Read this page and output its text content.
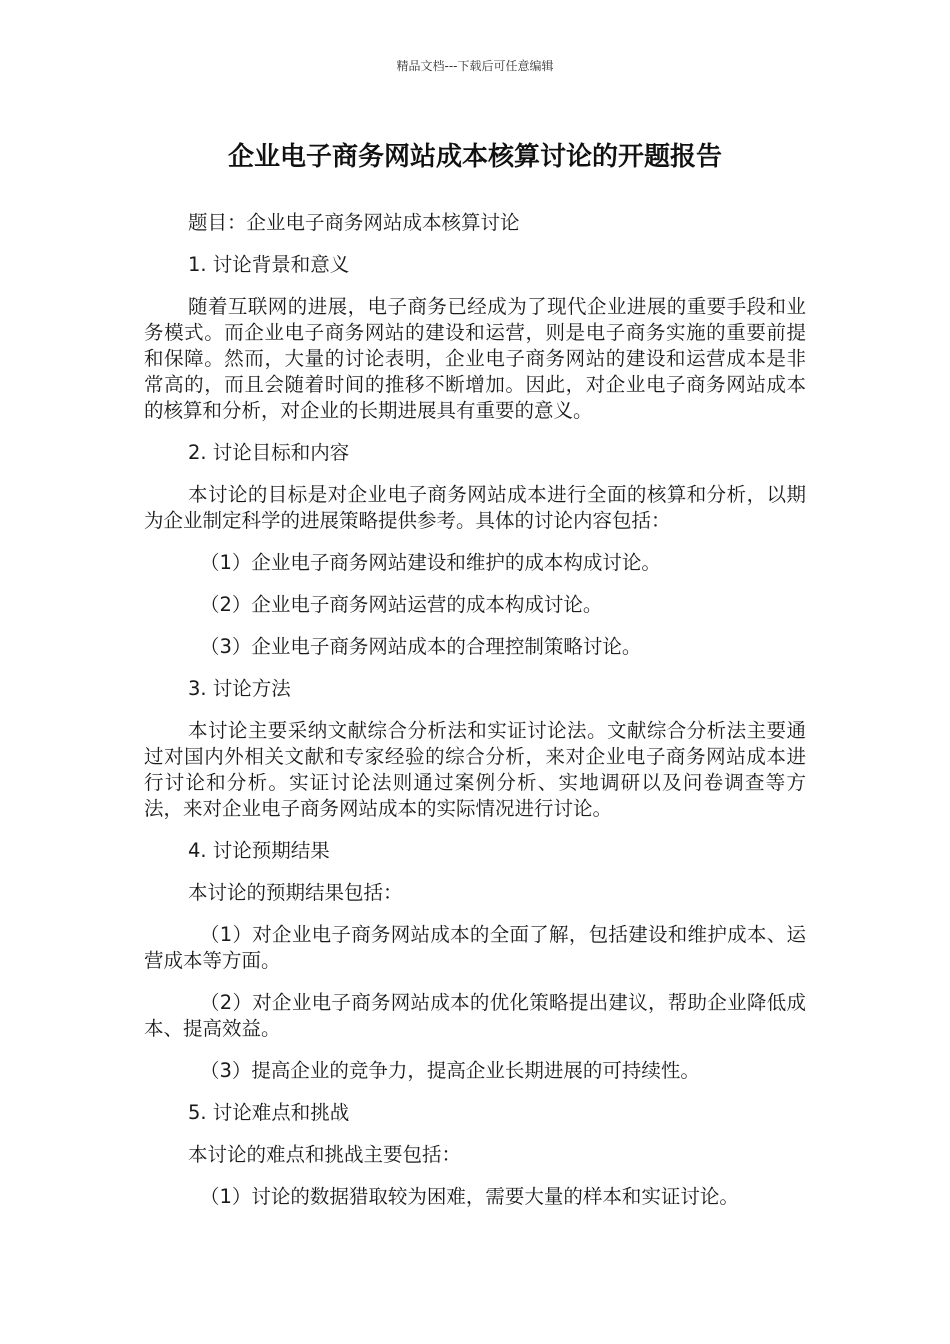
精品文档---下载后可任意编辑
企业电子商务网站成本核算讨论的开题报告

题目：企业电子商务网站成本核算讨论

1. 讨论背景和意义

随着互联网的进展，电子商务已经成为了现代企业进展的重要手段和业务模式。而企业电子商务网站的建设和运营，则是电子商务实施的重要前提和保障。然而，大量的讨论表明，企业电子商务网站的建设和运营成本是非常高的，而且会随着时间的推移不断增加。因此，对企业电子商务网站成本的核算和分析，对企业的长期进展具有重要的意义。

2. 讨论目标和内容

本讨论的目标是对企业电子商务网站成本进行全面的核算和分析，以期为企业制定科学的进展策略提供参考。具体的讨论内容包括：

（1）企业电子商务网站建设和维护的成本构成讨论。

（2）企业电子商务网站运营的成本构成讨论。

（3）企业电子商务网站成本的合理控制策略讨论。

3. 讨论方法

本讨论主要采纳文献综合分析法和实证讨论法。文献综合分析法主要通过对国内外相关文献和专家经验的综合分析，来对企业电子商务网站成本进行讨论和分析。实证讨论法则通过案例分析、实地调研以及问卷调查等方法，来对企业电子商务网站成本的实际情况进行讨论。

4. 讨论预期结果

本讨论的预期结果包括：

（1）对企业电子商务网站成本的全面了解，包括建设和维护成本、运营成本等方面。

（2）对企业电子商务网站成本的优化策略提出建议，帮助企业降低成本、提高效益。

（3）提高企业的竞争力，提高企业长期进展的可持续性。

5. 讨论难点和挑战

本讨论的难点和挑战主要包括：

（1）讨论的数据猎取较为困难，需要大量的样本和实证讨论。
